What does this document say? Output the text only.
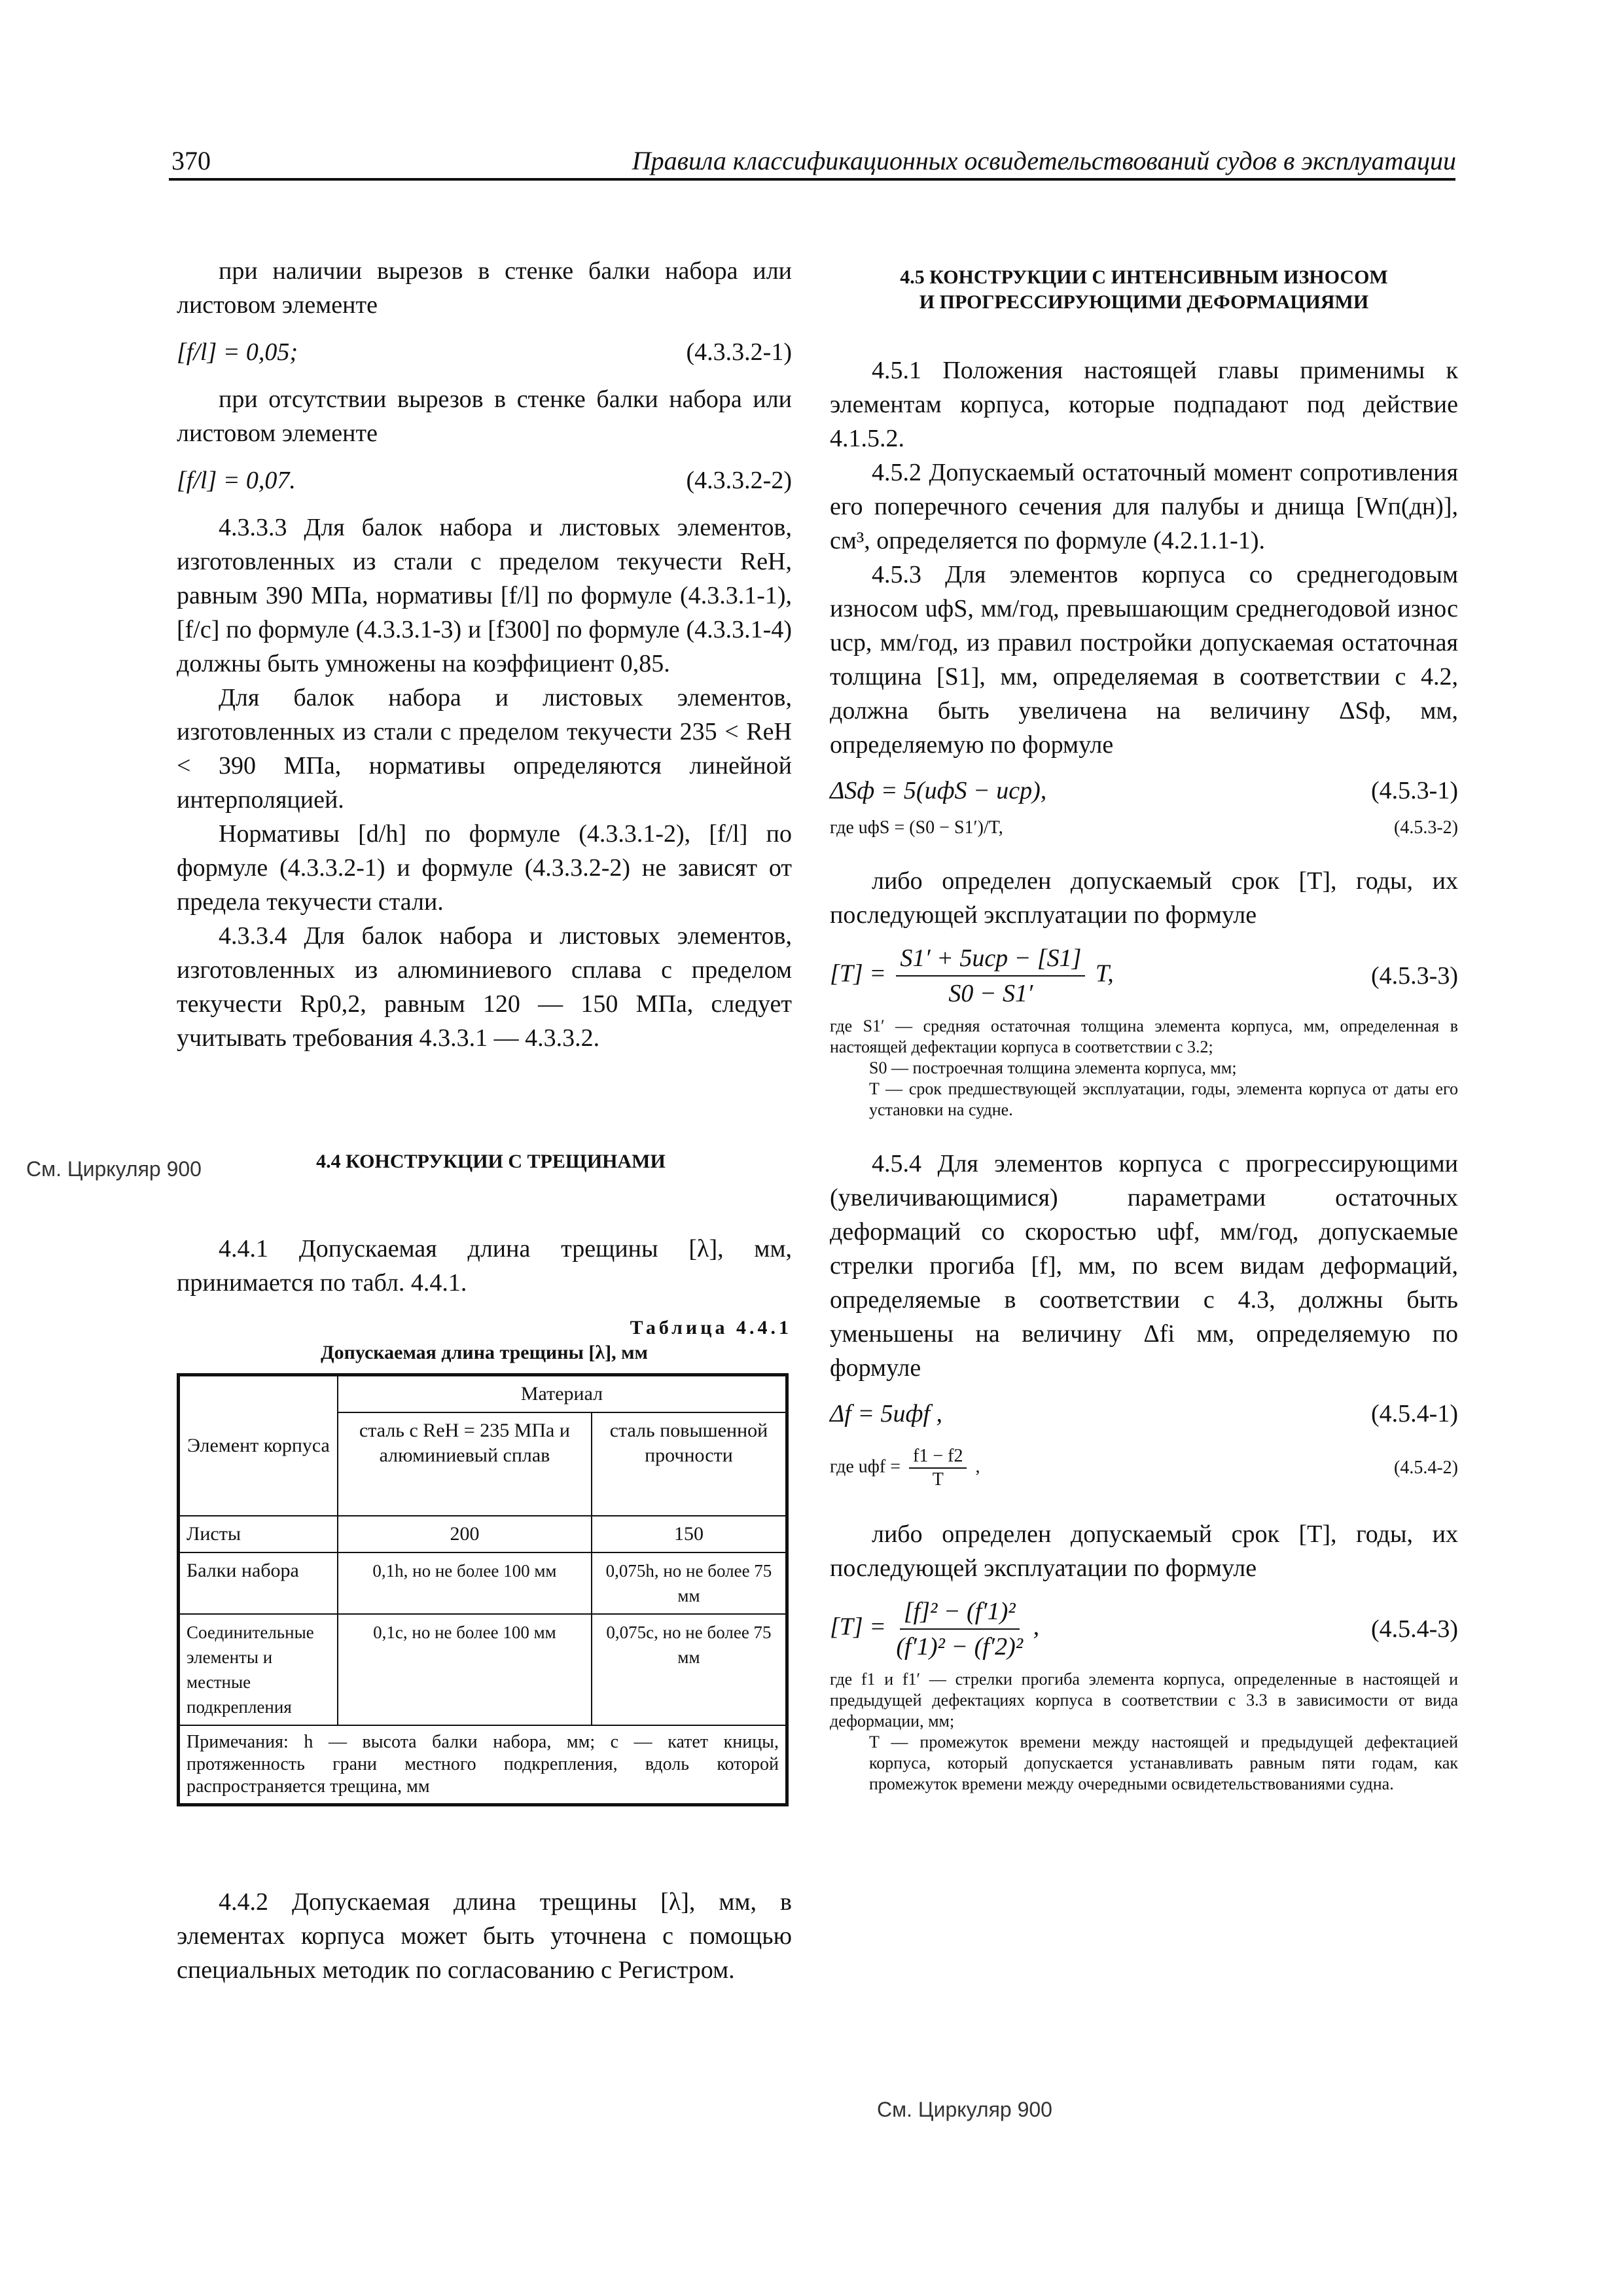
370	Правила классификационных освидетельствований судов в эксплуатации
См. Циркуляр 900
См. Циркуляр 900

при наличии вырезов в стенке балки набора или листовом элементе

[f/l] = 0,05;	(4.3.3.2-1)

при отсутствии вырезов в стенке балки набора или листовом элементе

[f/l] = 0,07.	(4.3.3.2-2)

4.3.3.3 Для балок набора и листовых элементов, изготовленных из стали с пределом текучести ReH, равным 390 МПа, нормативы [f/l] по формуле (4.3.3.1-1), [f/c] по формуле (4.3.3.1-3) и [f300] по формуле (4.3.3.1-4) должны быть умножены на коэффициент 0,85.

Для балок набора и листовых элементов, изготовленных из стали с пределом текучести 235 < ReH < 390 МПа, нормативы определяются линейной интерполяцией.

Нормативы [d/h] по формуле (4.3.3.1-2), [f/l] по формуле (4.3.3.2-1) и формуле (4.3.3.2-2) не зависят от предела текучести стали.

4.3.3.4 Для балок набора и листовых элементов, изготовленных из алюминиевого сплава с пределом текучести Rp0,2, равным 120 — 150 МПа, следует учитывать требования 4.3.3.1 — 4.3.3.2.

4.4 КОНСТРУКЦИИ С ТРЕЩИНАМИ

4.4.1 Допускаемая длина трещины [λ], мм, принимается по табл. 4.4.1.

Таблица 4.4.1
Допускаемая длина трещины [λ], мм
Элемент корпуса	Материал	
	сталь с ReH = 235 МПа и алюминиевый сплав	сталь повышенной прочности
Листы	200	150
Балки набора	0,1h, но не более 100 мм	0,075h, но не более 75 мм
Соединительные элементы и местные подкрепления	0,1c, но не более 100 мм	0,075c, но не более 75 мм
Примечания: h — высота балки набора, мм; c — катет кницы, протяженность грани местного подкрепления, вдоль которой распространяется трещина, мм		

4.4.2 Допускаемая длина трещины [λ], мм, в элементах корпуса может быть уточнена с помощью специальных методик по согласованию с Регистром.

4.5 КОНСТРУКЦИИ С ИНТЕНСИВНЫМ ИЗНОСОМ
И ПРОГРЕССИРУЮЩИМИ ДЕФОРМАЦИЯМИ

4.5.1 Положения настоящей главы применимы к элементам корпуса, которые подпадают под действие 4.1.5.2.

4.5.2 Допускаемый остаточный момент сопротивления его поперечного сечения для палубы и днища [Wп(дн)], см³, определяется по формуле (4.2.1.1-1).

4.5.3 Для элементов корпуса со среднегодовым износом uфS, мм/год, превышающим среднегодовой износ uср, мм/год, из правил постройки допускаемая остаточная толщина [S1], мм, определяемая в соответствии с 4.2, должна быть увеличена на величину ΔSф, мм, определяемую по формуле

ΔSф = 5(uфS − uср),	(4.5.3-1)
где uфS = (S0 − S1′)/T,	(4.5.3-2)

либо определен допускаемый срок [T], годы, их последующей эксплуатации по формуле

$[T] = \frac{\text{S1′ + 5uср − [S1]}}{S0 - S1'} T$,	(4.5.3-3)

где S1′ — средняя остаточная толщина элемента корпуса, мм, определенная в настоящей дефектации корпуса в соответствии с 3.2;

S0 — построечная толщина элемента корпуса, мм;

T — срок предшествующей эксплуатации, годы, элемента корпуса от даты его установки на судне.

4.5.4 Для элементов корпуса с прогрессирующими (увеличивающимися) параметрами остаточных деформаций со скоростью uфf, мм/год, допускаемые стрелки прогиба [f], мм, по всем видам деформаций, определяемые в соответствии с 4.3, должны быть уменьшены на величину Δfi мм, определяемую по формуле

Δf = 5uфf ,	(4.5.4-1)
где uфf = $\frac{f1 - f2}{T}$ ,	(4.5.4-2)

либо определен допускаемый срок [T], годы, их последующей эксплуатации по формуле

$[T] = \frac{\text{[f]² − (f′1)²}}{\text{(f′1)² − (f′2)²}}$ ,	(4.5.4-3)

где f1 и f1′ — стрелки прогиба элемента корпуса, определенные в настоящей и предыдущей дефектациях корпуса в соответствии с 3.3 в зависимости от вида деформации, мм;

T — промежуток времени между настоящей и предыдущей дефектацией корпуса, который допускается устанавливать равным пяти годам, как промежуток времени между очередными освидетельствованиями судна.
